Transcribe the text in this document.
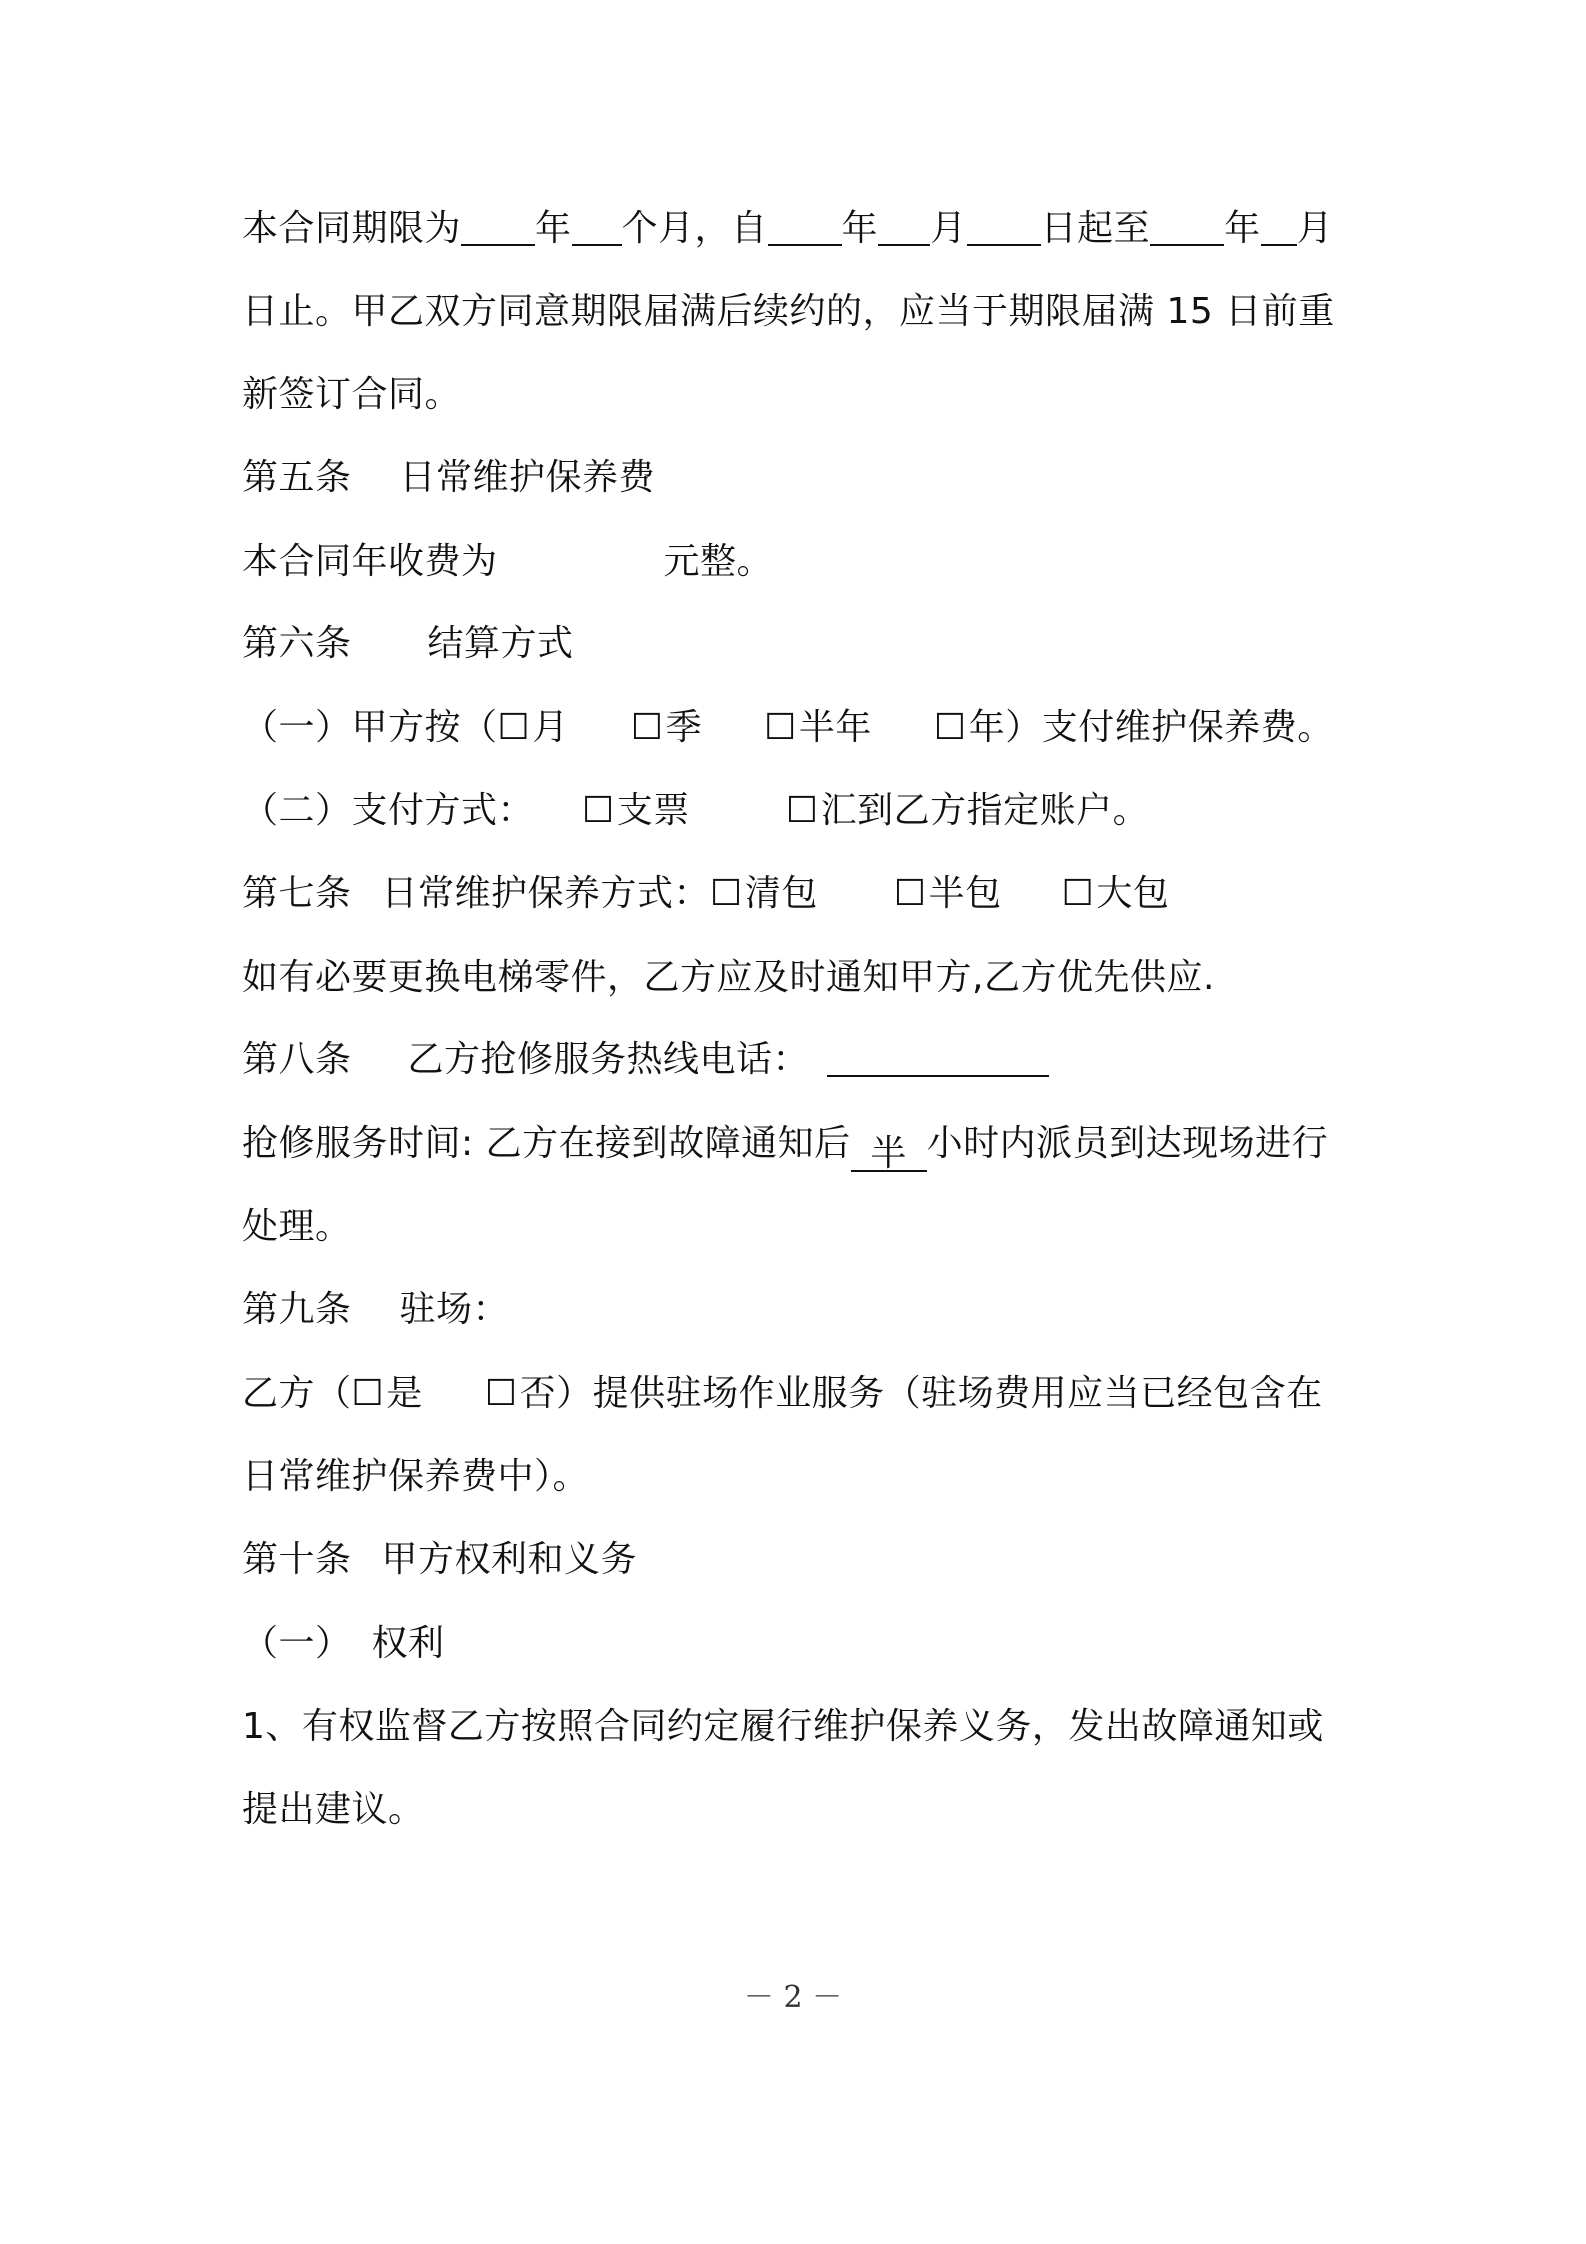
本合同期限为 年 个月，自 年 月 日起至 年 月
日止。甲乙双方同意期限届满后续约的，应当于期限届满 15 日前重
新签订合同。
第五条 日常维护保养费
本合同年收费为	元整。
第六条 结算方式
（一）甲方按（☐月 ☐季 ☐半年 ☐年）支付维护保养费。
（二）支付方式： ☐支票	☐汇到乙方指定账户。
第七条 日常维护保养方式：☐清包 ☐半包 ☐大包
如有必要更换电梯零件，乙方应及时通知甲方,乙方优先供应.
第八条 乙方抢修服务热线电话：
抢修服务时间: 乙方在接到故障通知后 半 小时内派员到达现场进行
处理。
第九条 驻场：
乙方（☐是 ☐否）提供驻场作业服务（驻场费用应当已经包含在
日常维护保养费中）。
第十条 甲方权利和义务
（一） 权利
1、有权监督乙方按照合同约定履行维护保养义务，发出故障通知或
提出建议。
－ 2 －
